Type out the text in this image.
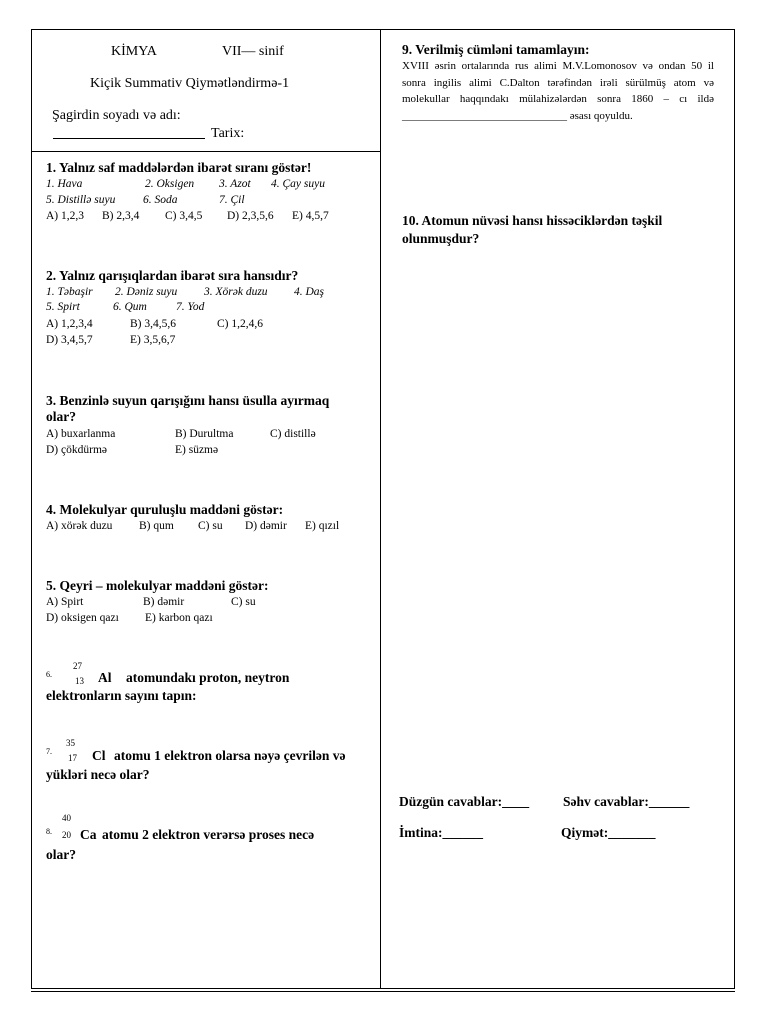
KİMYA	VII— sinif
Kiçik Summativ Qiymətləndirmə-1
Şagirdin soyadı və adı:
Tarix:
1. Yalnız saf maddələrdən ibarət sıranı göstər!
1. Hava	2. Oksigen 3. Azot 4. Çay suyu
5. Distillə suyu 6. Soda	7. Çil
A) 1,2,3 B) 2,3,4 C) 3,4,5 D) 2,3,5,6 E) 4,5,7
2. Yalnız qarışıqlardan ibarət sıra hansıdır?
1. Təbaşir 2. Dəniz suyu 3. Xörək duzu 4. Daş
5. Spirt	6. Qum	7. Yod
A) 1,2,3,4	B) 3,4,5,6	C) 1,2,4,6
D) 3,4,5,7	E) 3,5,6,7
3. Benzinlə suyun qarışığını hansı üsulla ayırmaq
olar?
A) buxarlanma	B) Durultma	C) distillə
D) çökdürmə	E) süzmə
4. Molekulyar quruluşlu maddəni göstər:
A) xörək duzu B) qum C) su D) dəmir E) qızıl
5. Qeyri – molekulyar maddəni göstər:
A) Spirt	B) dəmir	C) su
D) oksigen qazı E) karbon qazı
6.
27
13 Al atomundakı proton, neytron
elektronların sayını tapın:
7.
35
17 Cl atomu 1 elektron olarsa nəyə çevrilən və
yükləri necə olar?
8.
40
20 Ca atomu 2 elektron verərsə proses necə
olar?
9. Verilmiş cümləni tamamlayın:
XVIII əsrin ortalarında rus alimi M.V.Lomonosov və ondan 50 il sonra ingilis alimi C.Dalton tərəfindən irəli sürülmüş atom və molekullar haqqındakı mülahizələrdən sonra 1860 – cı ildə ______________________________ əsası qoyuldu.
10. Atomun nüvəsi hansı hissəciklərdən təşkil
olunmuşdur?
Düzgün cavablar:____	Səhv cavablar:______
İmtina:______	Qiymət:_______
